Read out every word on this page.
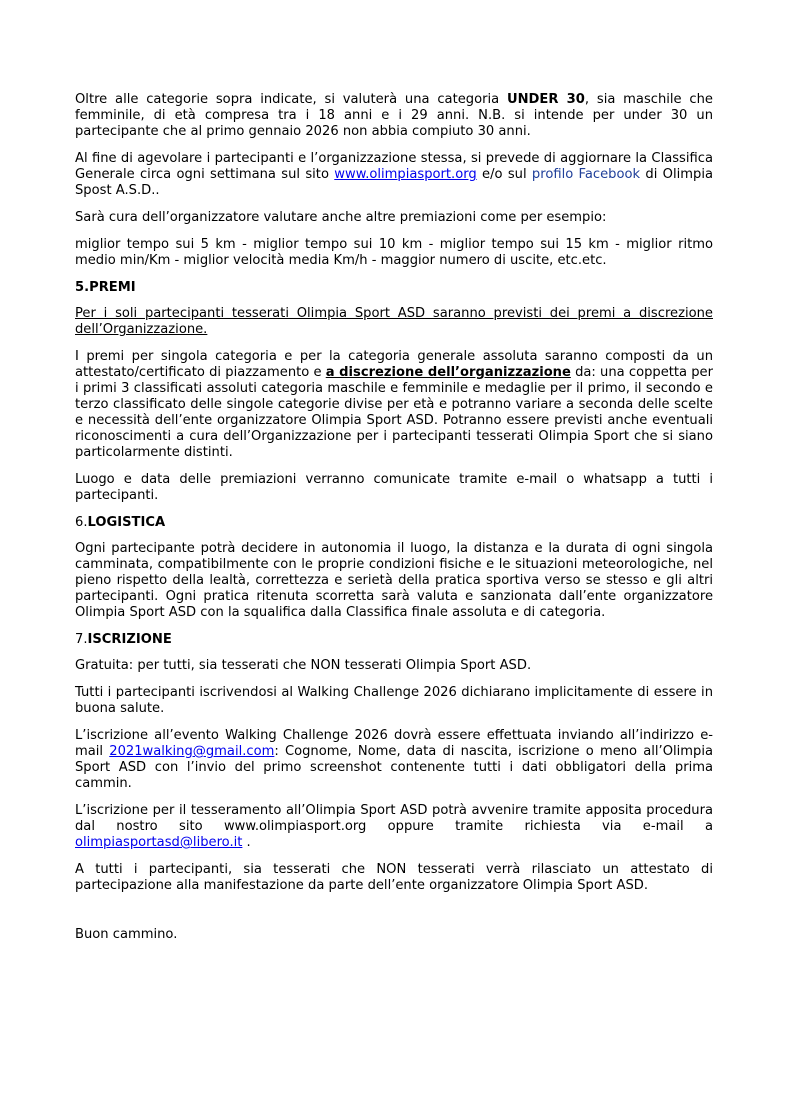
Oltre alle categorie sopra indicate, si valuterà una categoria UNDER 30, sia maschile che femminile, di età compresa tra i 18 anni e i 29 anni. N.B. si intende per under 30 un partecipante che al primo gennaio 2026 non abbia compiuto 30 anni.

Al fine di agevolare i partecipanti e l’organizzazione stessa, si prevede di aggiornare la Classifica Generale circa ogni settimana sul sito www.olimpiasport.org e/o sul profilo Facebook di Olimpia Spost A.S.D..

Sarà cura dell’organizzatore valutare anche altre premiazioni come per esempio:

miglior tempo sui 5 km - miglior tempo sui 10 km - miglior tempo sui 15 km - miglior ritmo medio min/Km - miglior velocità media Km/h - maggior numero di uscite, etc.etc.

5.PREMI

Per i soli partecipanti tesserati Olimpia Sport ASD saranno previsti dei premi a discrezione dell’Organizzazione.

I premi per singola categoria e per la categoria generale assoluta saranno composti da un attestato/certificato di piazzamento e a discrezione dell’organizzazione da: una coppetta per i primi 3 classificati assoluti categoria maschile e femminile e medaglie per il primo, il secondo e terzo classificato delle singole categorie divise per età e potranno variare a seconda delle scelte e necessità dell’ente organizzatore Olimpia Sport ASD. Potranno essere previsti anche eventuali riconoscimenti a cura dell’Organizzazione per i partecipanti tesserati Olimpia Sport che si siano particolarmente distinti.

Luogo e data delle premiazioni verranno comunicate tramite e-mail o whatsapp a tutti i partecipanti.

6.LOGISTICA

Ogni partecipante potrà decidere in autonomia il luogo, la distanza e la durata di ogni singola camminata, compatibilmente con le proprie condizioni fisiche e le situazioni meteorologiche, nel pieno rispetto della lealtà, correttezza e serietà della pratica sportiva verso se stesso e gli altri partecipanti. Ogni pratica ritenuta scorretta sarà valuta e sanzionata dall’ente organizzatore Olimpia Sport ASD con la squalifica dalla Classifica finale assoluta e di categoria.

7.ISCRIZIONE

Gratuita: per tutti, sia tesserati che NON tesserati Olimpia Sport ASD.

Tutti i partecipanti iscrivendosi al Walking Challenge 2026 dichiarano implicitamente di essere in buona salute.

L’iscrizione all’evento Walking Challenge 2026 dovrà essere effettuata inviando all’indirizzo e-mail 2021walking@gmail.com: Cognome, Nome, data di nascita, iscrizione o meno all’Olimpia Sport ASD con l’invio del primo screenshot contenente tutti i dati obbligatori della prima cammin.

L’iscrizione per il tesseramento all’Olimpia Sport ASD potrà avvenire tramite apposita procedura dal nostro sito www.olimpiasport.org oppure tramite richiesta via e-mail a olimpiasportasd@libero.it .

A tutti i partecipanti, sia tesserati che NON tesserati verrà rilasciato un attestato di partecipazione alla manifestazione da parte dell’ente organizzatore Olimpia Sport ASD.

Buon cammino.
